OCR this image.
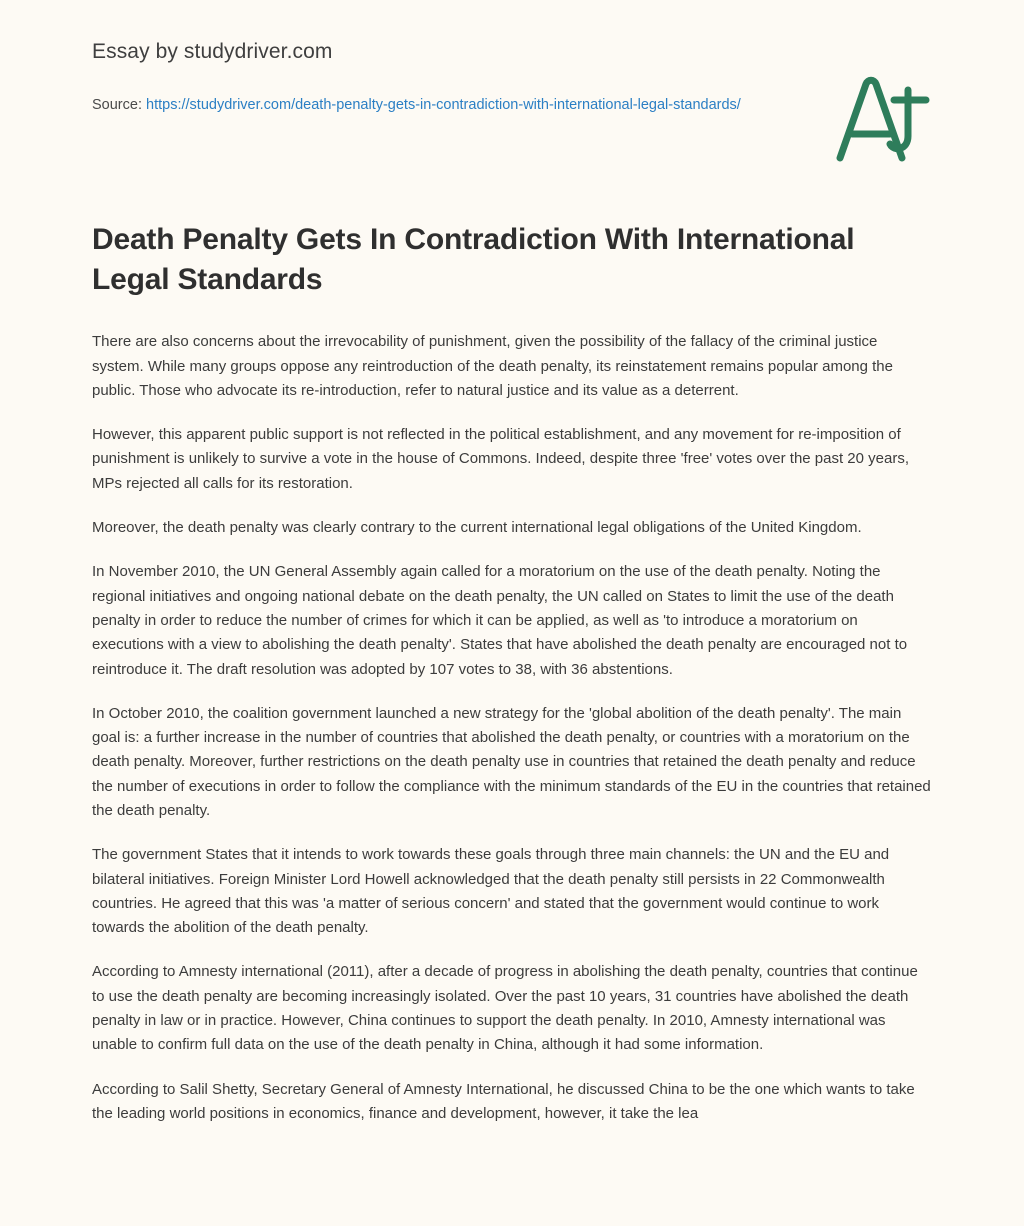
Essay by studydriver.com
Source: https://studydriver.com/death-penalty-gets-in-contradiction-with-international-legal-standards/
Death Penalty Gets In Contradiction With International Legal Standards

There are also concerns about the irrevocability of punishment, given the possibility of the fallacy of the criminal justice system. While many groups oppose any reintroduction of the death penalty, its reinstatement remains popular among the public. Those who advocate its re-introduction, refer to natural justice and its value as a deterrent.

However, this apparent public support is not reflected in the political establishment, and any movement for re-imposition of punishment is unlikely to survive a vote in the house of Commons. Indeed, despite three 'free' votes over the past 20 years, MPs rejected all calls for its restoration.

Moreover, the death penalty was clearly contrary to the current international legal obligations of the United Kingdom.

In November 2010, the UN General Assembly again called for a moratorium on the use of the death penalty. Noting the regional initiatives and ongoing national debate on the death penalty, the UN called on States to limit the use of the death penalty in order to reduce the number of crimes for which it can be applied, as well as 'to introduce a moratorium on executions with a view to abolishing the death penalty'. States that have abolished the death penalty are encouraged not to reintroduce it. The draft resolution was adopted by 107 votes to 38, with 36 abstentions.

In October 2010, the coalition government launched a new strategy for the 'global abolition of the death penalty'. The main goal is: a further increase in the number of countries that abolished the death penalty, or countries with a moratorium on the death penalty. Moreover, further restrictions on the death penalty use in countries that retained the death penalty and reduce the number of executions in order to follow the compliance with the minimum standards of the EU in the countries that retained the death penalty.

The government States that it intends to work towards these goals through three main channels: the UN and the EU and bilateral initiatives. Foreign Minister Lord Howell acknowledged that the death penalty still persists in 22 Commonwealth countries. He agreed that this was 'a matter of serious concern' and stated that the government would continue to work towards the abolition of the death penalty.

According to Amnesty international (2011), after a decade of progress in abolishing the death penalty, countries that continue to use the death penalty are becoming increasingly isolated. Over the past 10 years, 31 countries have abolished the death penalty in law or in practice. However, China continues to support the death penalty. In 2010, Amnesty international was unable to confirm full data on the use of the death penalty in China, although it had some information.

According to Salil Shetty, Secretary General of Amnesty International, he discussed China to be the one which wants to take the leading world positions in economics, finance and development, however, it take the lea
